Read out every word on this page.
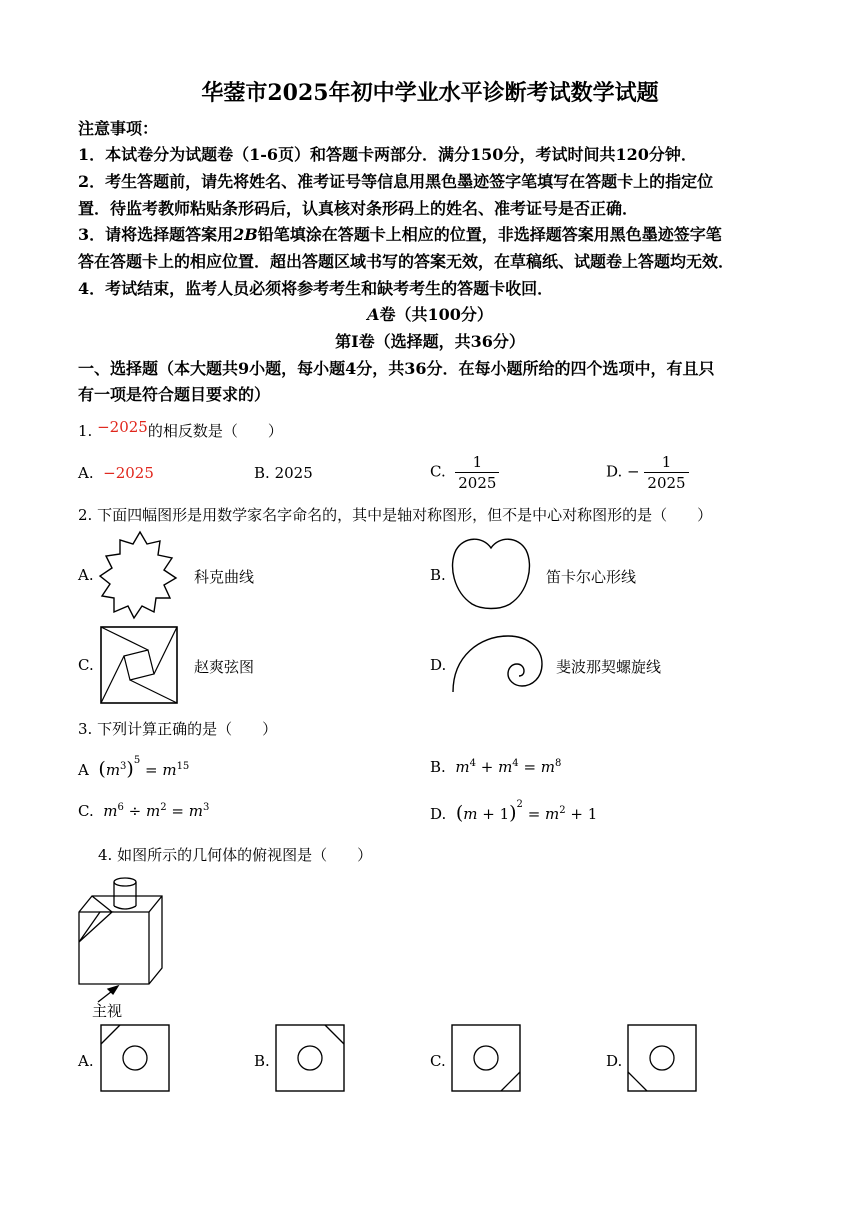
华蓥市2025年初中学业水平诊断考试数学试题
注意事项：
1．本试卷分为试题卷（1-6页）和答题卡两部分．满分150分，考试时间共120分钟．
2．考生答题前，请先将姓名、准考证号等信息用黑色墨迹签字笔填写在答题卡上的指定位
置．待监考教师粘贴条形码后，认真核对条形码上的姓名、准考证号是否正确．
3．请将选择题答案用2B铅笔填涂在答题卡上相应的位置，非选择题答案用黑色墨迹签字笔
答在答题卡上的相应位置．超出答题区域书写的答案无效，在草稿纸、试题卷上答题均无效．
4．考试结束，监考人员必须将参考考生和缺考考生的答题卡收回．
A卷（共100分）
第Ⅰ卷（选择题，共36分）
一、选择题（本大题共9小题，每小题4分，共36分．在每小题所给的四个选项中，有且只
有一项是符合题目要求的）
1. −2025的相反数是（　　）
A. −2025	B. 2025	C. $\frac{1}{2025}$	D. − $\frac{1}{2025}$
2. 下面四幅图形是用数学家名字命名的，其中是轴对称图形，但不是中心对称图形的是（　　）
A.	科克曲线	B.	笛卡尔心形线
C.	赵爽弦图	D.	斐波那契螺旋线
3. 下列计算正确的是（　　）
A $(m^3)^5 = m^{15}$	B. $m^4 + m^4 = m^8$
C. $m^6 \div m^2 = m^3$	D. $(m + 1)^2 = m^2 + 1$
4. 如图所示的几何体的俯视图是（　　）
主视
A.	B.	C.	D.
